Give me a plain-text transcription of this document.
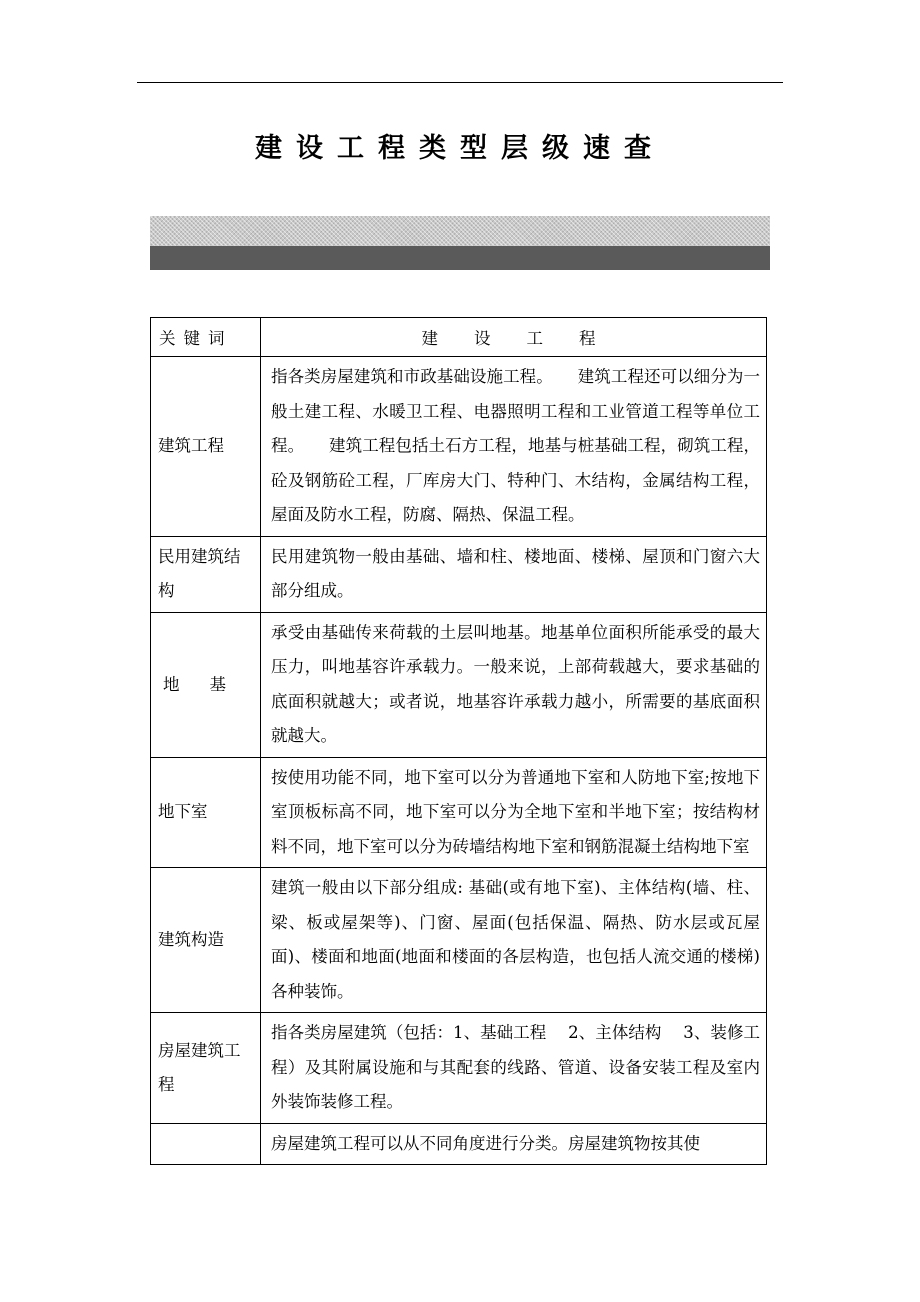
建设工程类型层级速查
关键词	建设工程
建筑工程	指各类房屋建筑和市政基础设施工程。　　建筑工程还可以细分为一般土建工程、水暖卫工程、电器照明工程和工业管道工程等单位工程。　　建筑工程包括土石方工程，地基与桩基础工程，砌筑工程，砼及钢筋砼工程，厂库房大门、特种门、木结构，金属结构工程，屋面及防水工程，防腐、隔热、保温工程。
民用建筑结构	民用建筑物一般由基础、墙和柱、楼地面、楼梯、屋顶和门窗六大部分组成。
地基	承受由基础传来荷载的土层叫地基。地基单位面积所能承受的最大压力，叫地基容许承载力。一般来说，上部荷载越大，要求基础的底面积就越大；或者说，地基容许承载力越小，所需要的基底面积就越大。
地下室	按使用功能不同，地下室可以分为普通地下室和人防地下室;按地下室顶板标高不同，地下室可以分为全地下室和半地下室；按结构材料不同，地下室可以分为砖墙结构地下室和钢筋混凝土结构地下室
建筑构造	建筑一般由以下部分组成: 基础(或有地下室)、主体结构(墙、柱、梁、板或屋架等)、门窗、屋面(包括保温、隔热、防水层或瓦屋面)、楼面和地面(地面和楼面的各层构造，也包括人流交通的楼梯)各种装饰。
房屋建筑工程	指各类房屋建筑（包括：1、基础工程　 2、主体结构　 3、装修工程）及其附属设施和与其配套的线路、管道、设备安装工程及室内外装饰装修工程。
	房屋建筑工程可以从不同角度进行分类。房屋建筑物按其使
